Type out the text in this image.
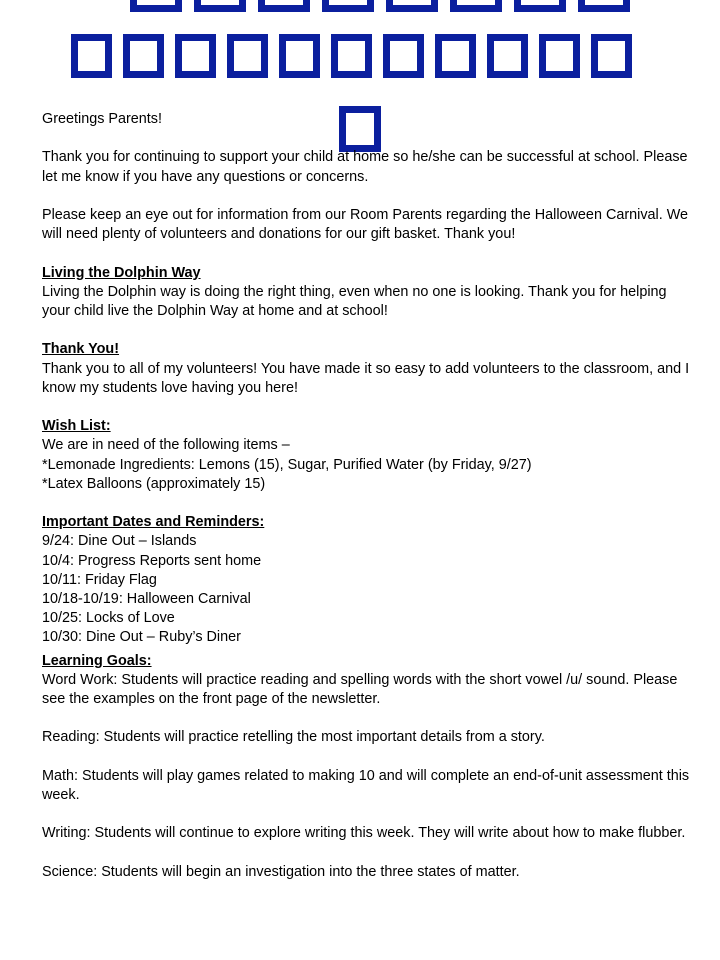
Greetings Parents!

Thank you for continuing to support your child at home so he/she can be successful at school. Please let me know if you have any questions or concerns.

Please keep an eye out for information from our Room Parents regarding the Halloween Carnival. We will need plenty of volunteers and donations for our gift basket. Thank you!

Living the Dolphin Way

Living the Dolphin way is doing the right thing, even when no one is looking. Thank you for helping your child live the Dolphin Way at home and at school!

Thank You!

Thank you to all of my volunteers! You have made it so easy to add volunteers to the classroom, and I know my students love having you here!

Wish List:

We are in need of the following items –

*Lemonade Ingredients: Lemons (15), Sugar, Purified Water (by Friday, 9/27)

*Latex Balloons (approximately 15)

Important Dates and Reminders:

9/24: Dine Out – Islands

10/4: Progress Reports sent home

10/11: Friday Flag

10/18-10/19: Halloween Carnival

10/25: Locks of Love

10/30: Dine Out – Ruby’s Diner

Learning Goals:

Word Work: Students will practice reading and spelling words with the short vowel /u/ sound. Please see the examples on the front page of the newsletter.

Reading: Students will practice retelling the most important details from a story.

Math: Students will play games related to making 10 and will complete an end-of-unit assessment this week.

Writing: Students will continue to explore writing this week. They will write about how to make flubber.

Science: Students will begin an investigation into the three states of matter.
